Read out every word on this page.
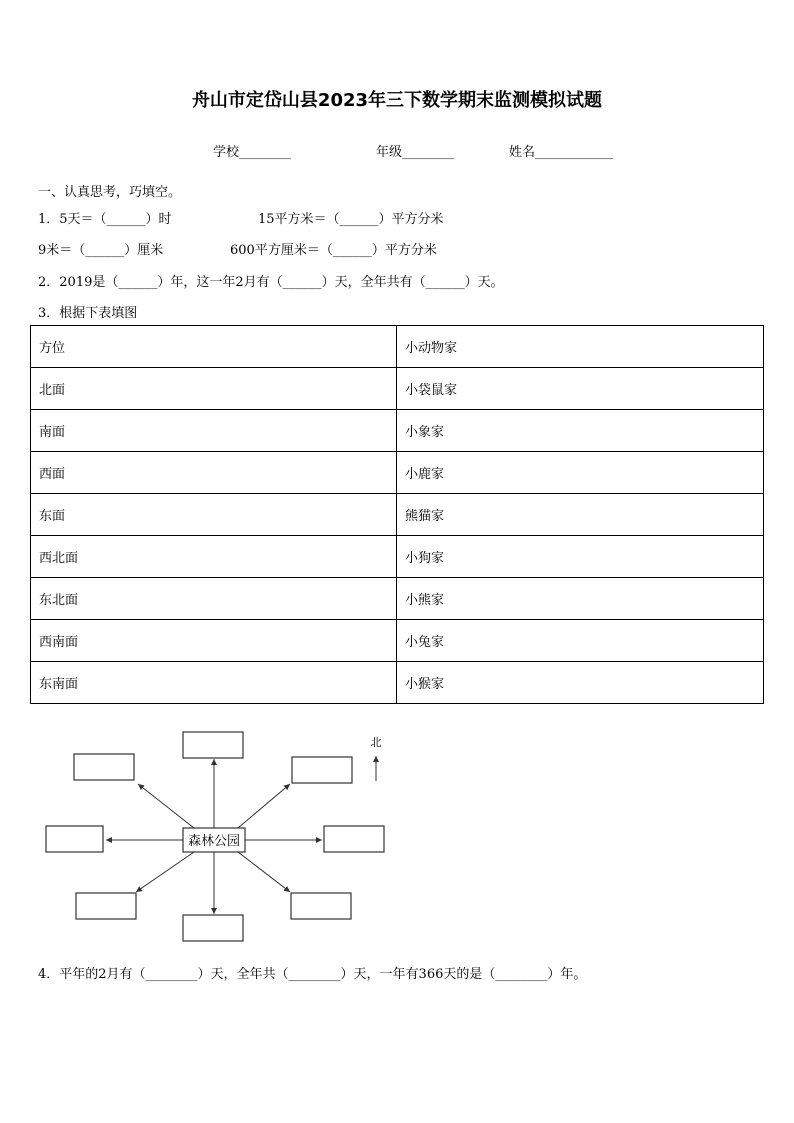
舟山市定岱山县2023年三下数学期末监测模拟试题
学校________	年级________	姓名____________
一、认真思考，巧填空。
1．5天＝（______）时	15平方米＝（______）平方分米
9米＝（______）厘米	600平方厘米＝（______）平方分米
2．2019是（______）年，这一年2月有（______）天，全年共有（______）天。
3．根据下表填图
方位	小动物家
北面	小袋鼠家
南面	小象家
西面	小鹿家
东面	熊猫家
西北面	小狗家
东北面	小熊家
西南面	小兔家
东南面	小猴家
森林公园
北
4．平年的2月有（________）天，全年共（________）天，一年有366天的是（________）年。
